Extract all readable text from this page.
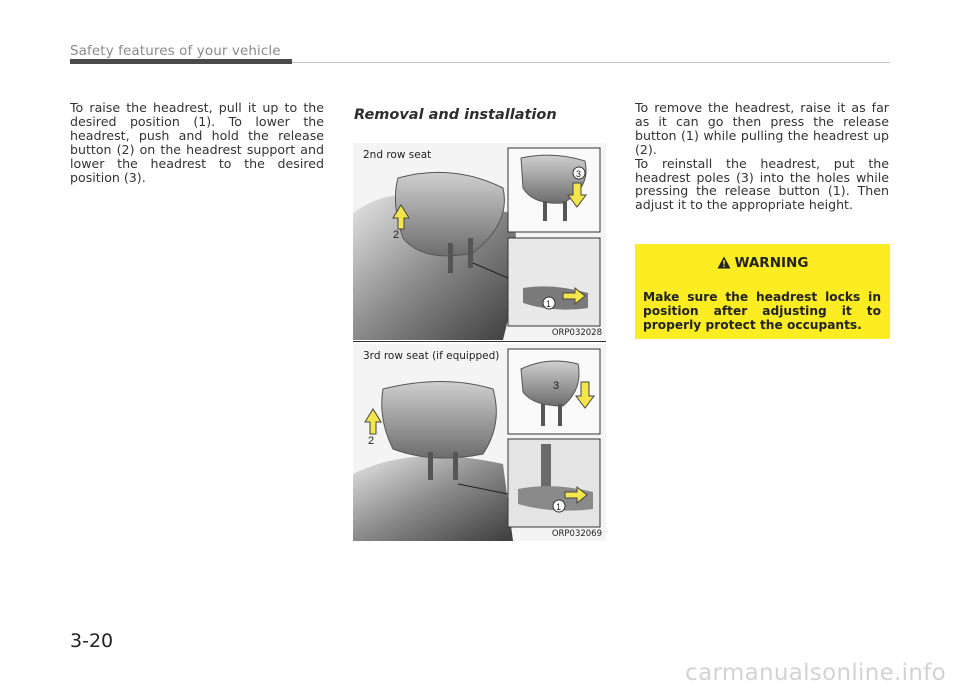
Safety features of your vehicle
To raise the headrest, pull it up to the desired position (1). To lower the headrest, push and hold the release button (2) on the headrest support and lower the headrest to the desired position (3).
Removal and installation
2
3
1
2nd row seat
ORP032028
2
3
1
3rd row seat (if equipped)
ORP032069

To remove the headrest, raise it as far as it can go then press the release button (1) while pulling the headrest up (2).

To reinstall the headrest, put the headrest poles (3) into the holes while pressing the release button (1). Then adjust it to the appropriate height.

WARNING
Make sure the headrest locks in position after adjusting it to properly protect the occupants.
3-20
carmanualsonline.info
